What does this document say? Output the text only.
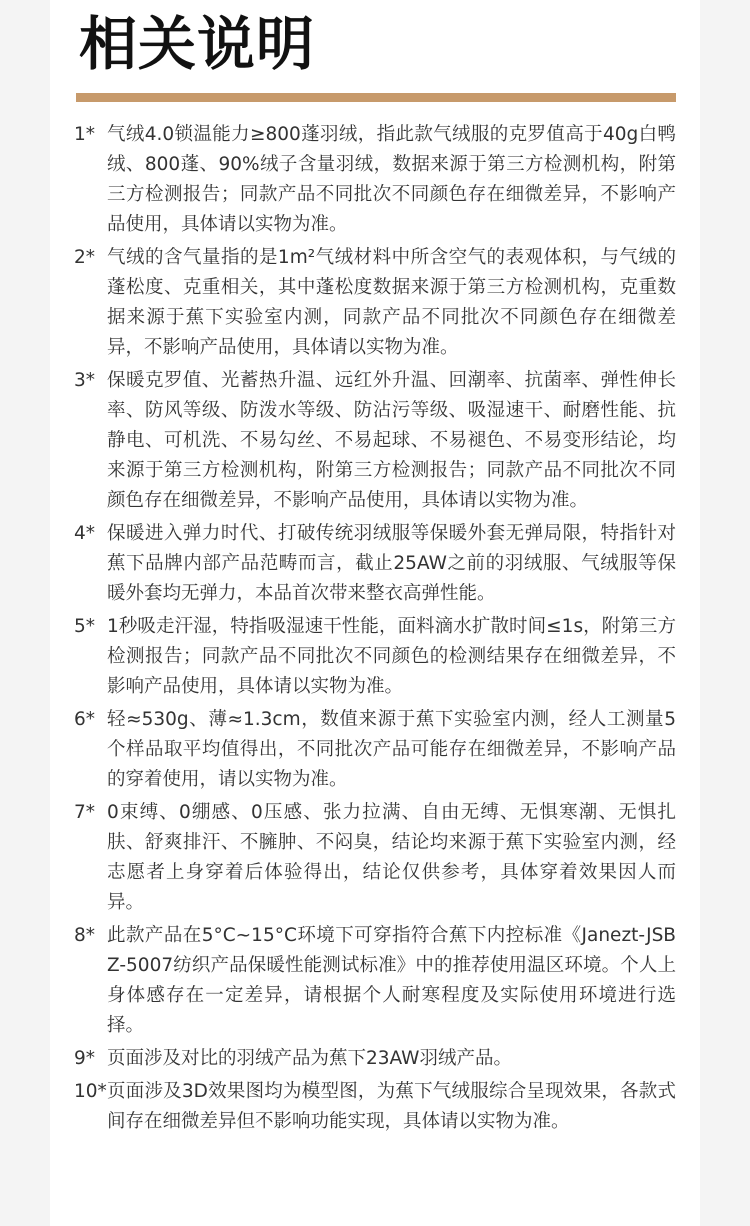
相关说明
1* 气绒4.0锁温能力≥800蓬羽绒，指此款气绒服的克罗值高于40g白鸭绒、800蓬、90%绒子含量羽绒，数据来源于第三方检测机构，附第三方检测报告；同款产品不同批次不同颜色存在细微差异，不影响产品使用，具体请以实物为准。
2* 气绒的含气量指的是1m²气绒材料中所含空气的表观体积，与气绒的蓬松度、克重相关，其中蓬松度数据来源于第三方检测机构，克重数据来源于蕉下实验室内测，同款产品不同批次不同颜色存在细微差异，不影响产品使用，具体请以实物为准。
3* 保暖克罗值、光蓄热升温、远红外升温、回潮率、抗菌率、弹性伸长率、防风等级、防泼水等级、防沾污等级、吸湿速干、耐磨性能、抗静电、可机洗、不易勾丝、不易起球、不易褪色、不易变形结论，均来源于第三方检测机构，附第三方检测报告；同款产品不同批次不同颜色存在细微差异，不影响产品使用，具体请以实物为准。
4* 保暖进入弹力时代、打破传统羽绒服等保暖外套无弹局限，特指针对蕉下品牌内部产品范畴而言，截止25AW之前的羽绒服、气绒服等保暖外套均无弹力，本品首次带来整衣高弹性能。
5* 1秒吸走汗湿，特指吸湿速干性能，面料滴水扩散时间≤1s，附第三方检测报告；同款产品不同批次不同颜色的检测结果存在细微差异，不影响产品使用，具体请以实物为准。
6* 轻≈530g、薄≈1.3cm，数值来源于蕉下实验室内测，经人工测量5个样品取平均值得出，不同批次产品可能存在细微差异，不影响产品的穿着使用，请以实物为准。
7* 0束缚、0绷感、0压感、张力拉满、自由无缚、无惧寒潮、无惧扎肤、舒爽排汗、不臃肿、不闷臭，结论均来源于蕉下实验室内测，经志愿者上身穿着后体验得出，结论仅供参考，具体穿着效果因人而异。
8* 此款产品在5°C~15°C环境下可穿指符合蕉下内控标准《Janezt-JSBZ-5007纺织产品保暖性能测试标准》中的推荐使用温区环境。个人上身体感存在一定差异，请根据个人耐寒程度及实际使用环境进行选择。
9* 页面涉及对比的羽绒产品为蕉下23AW羽绒产品。
10* 页面涉及3D效果图均为模型图，为蕉下气绒服综合呈现效果，各款式间存在细微差异但不影响功能实现，具体请以实物为准。
